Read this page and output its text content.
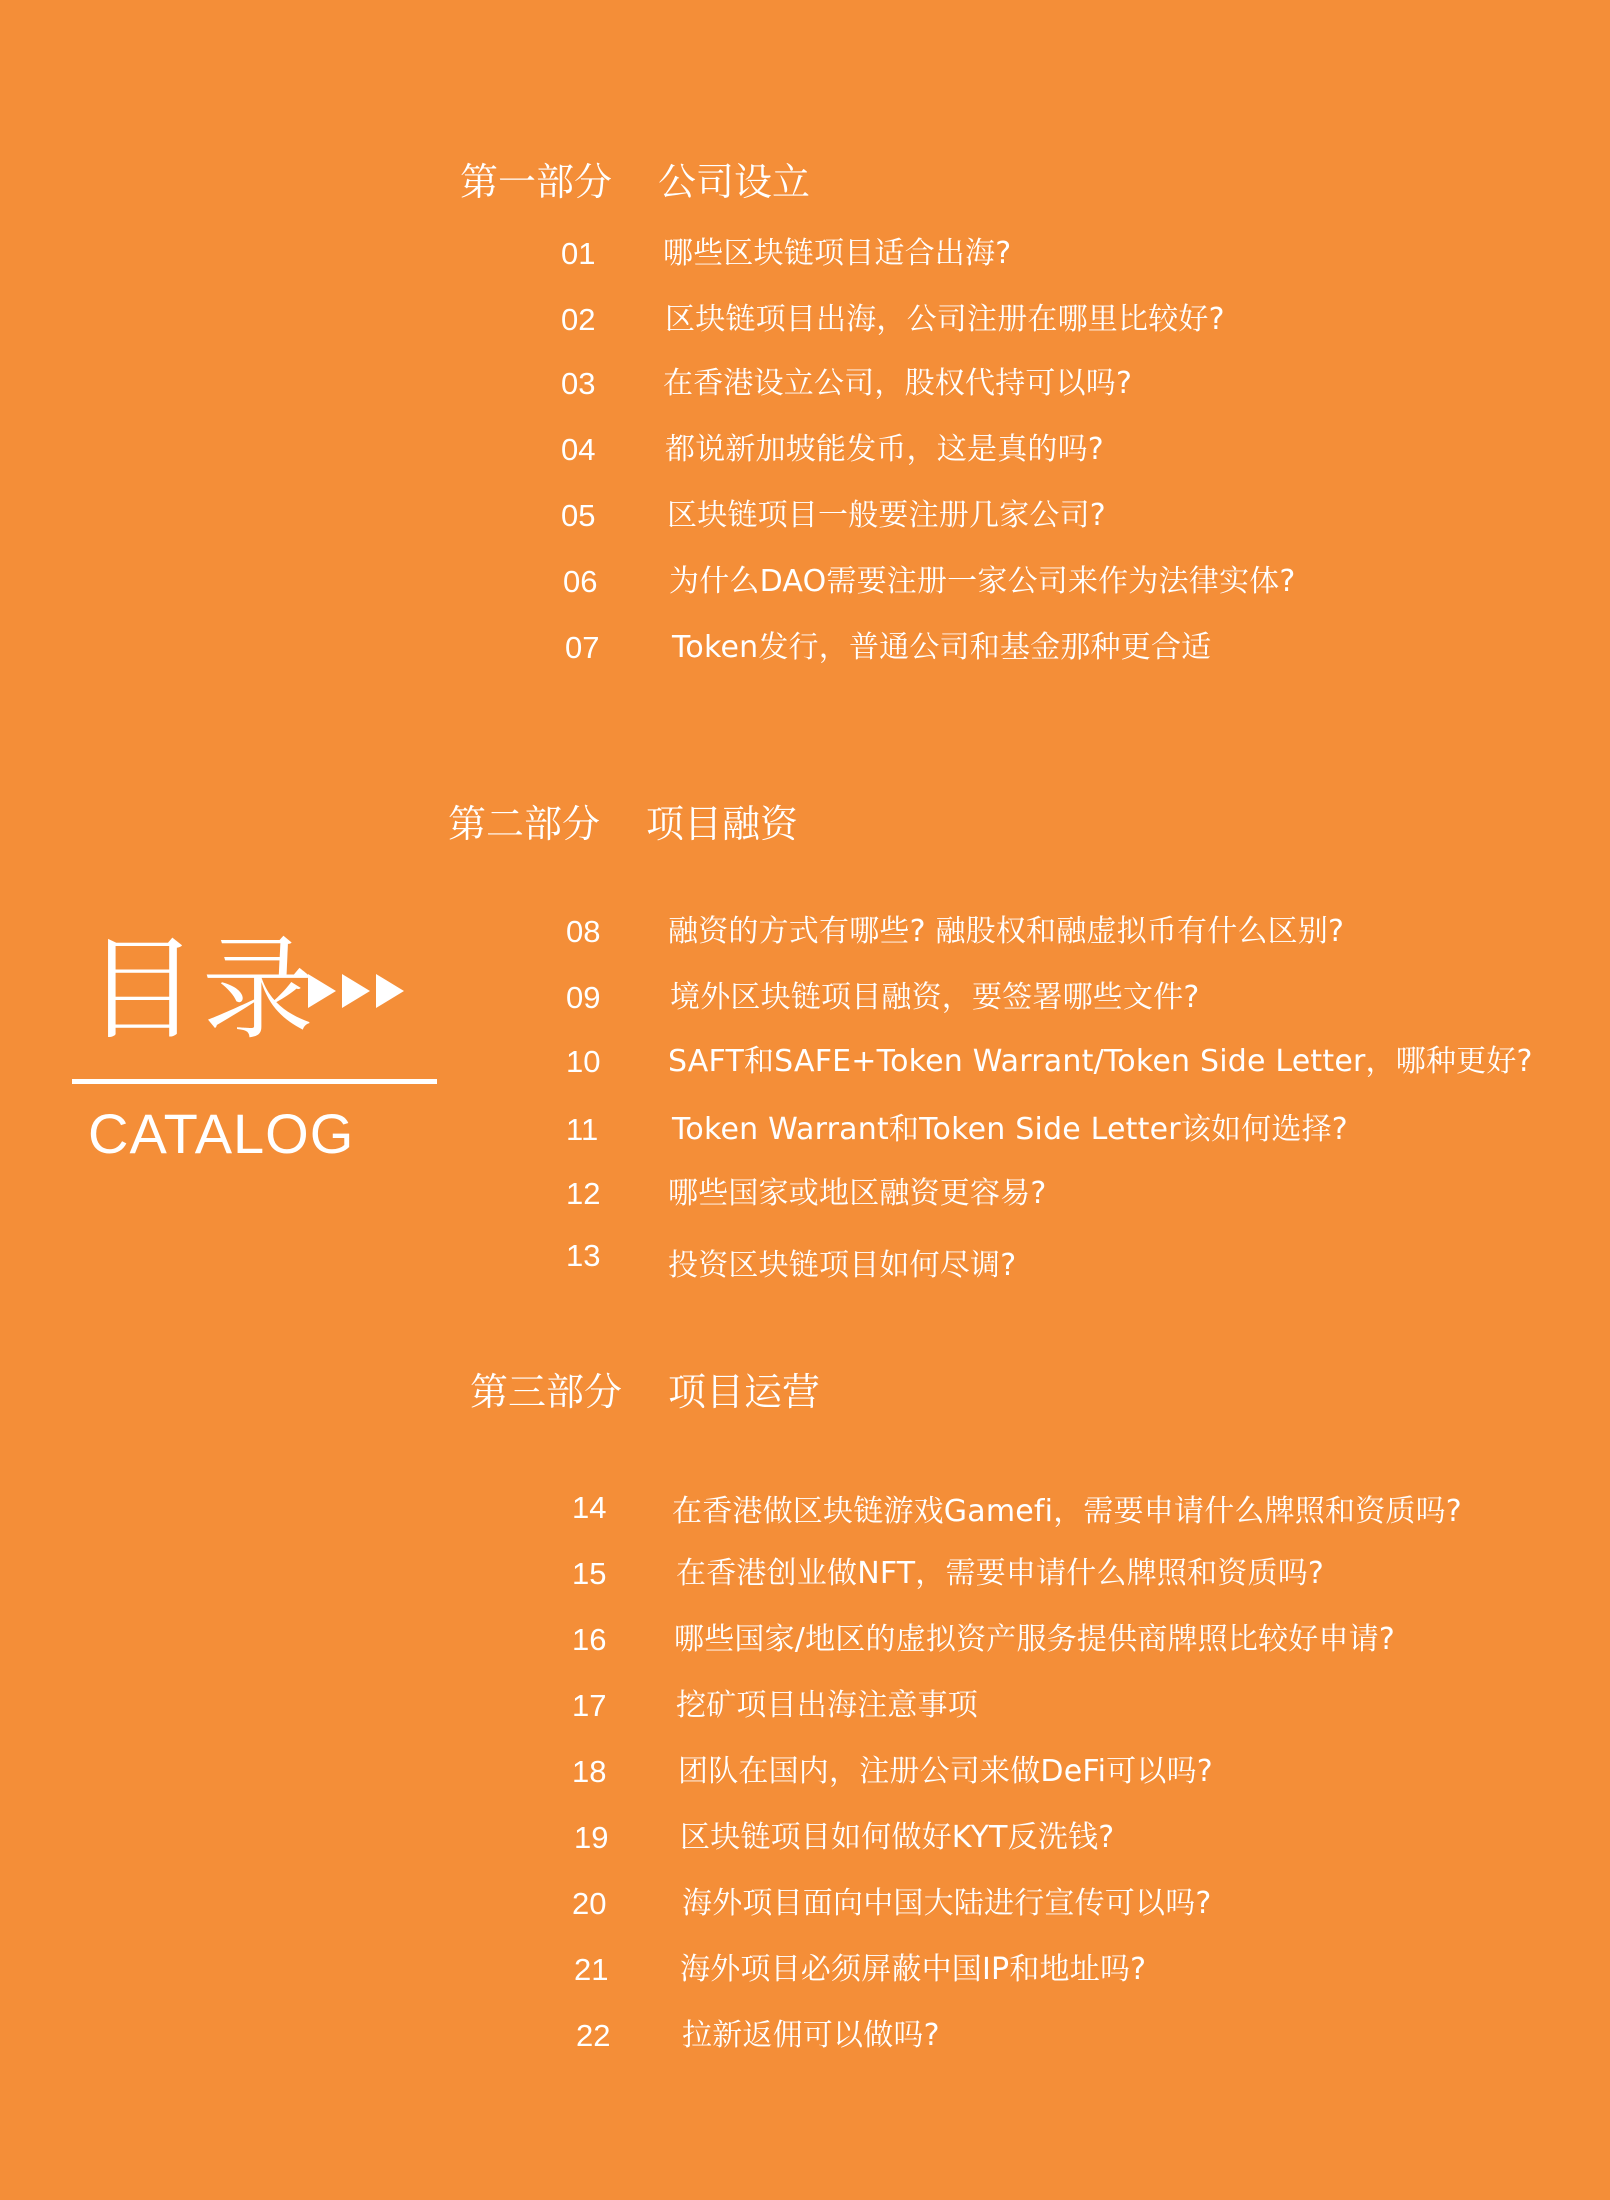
目录
CATALOG
第一部分 公司设立
01 哪些区块链项目适合出海?
02 区块链项目出海，公司注册在哪里比较好?
03 在香港设立公司，股权代持可以吗?
04 都说新加坡能发币，这是真的吗?
05 区块链项目一般要注册几家公司?
06 为什么DAO需要注册一家公司来作为法律实体?
07 Token发行，普通公司和基金那种更合适
第二部分 项目融资
08 融资的方式有哪些? 融股权和融虚拟币有什么区别?
09 境外区块链项目融资，要签署哪些文件?
10 SAFT和SAFE+Token Warrant/Token Side Letter，哪种更好?
11 Token Warrant和Token Side Letter该如何选择?
12 哪些国家或地区融资更容易?
13 投资区块链项目如何尽调?
第三部分 项目运营
14 在香港做区块链游戏Gamefi，需要申请什么牌照和资质吗?
15 在香港创业做NFT，需要申请什么牌照和资质吗?
16 哪些国家/地区的虚拟资产服务提供商牌照比较好申请?
17 挖矿项目出海注意事项
18 团队在国内，注册公司来做DeFi可以吗?
19 区块链项目如何做好KYT反洗钱?
20	海外项目面向中国大陆进行宣传可以吗?
21 海外项目必须屏蔽中国IP和地址吗?
22 拉新返佣可以做吗?
